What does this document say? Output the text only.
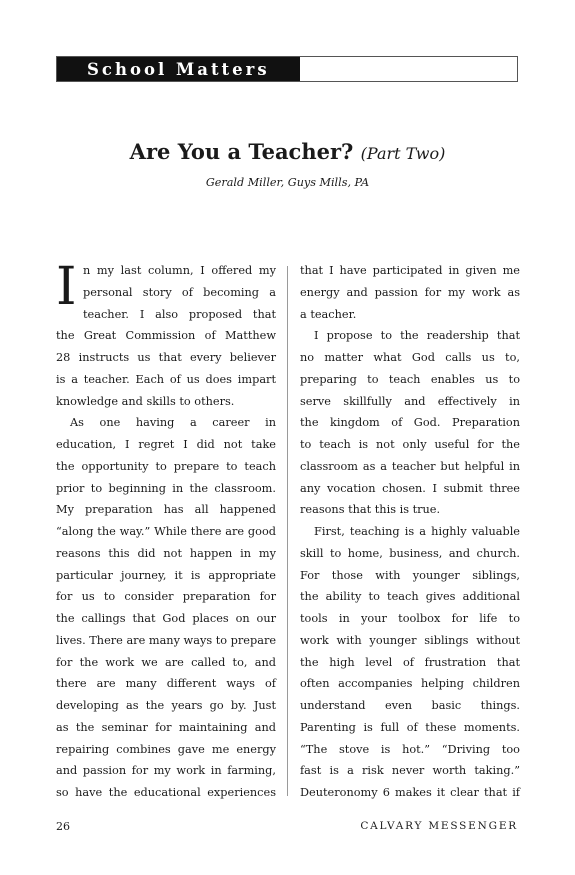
School Matters
Are You a Teacher? (Part Two)
Gerald Miller, Guys Mills, PA
I n my last column, I offered my
personal story of becoming a
teacher. I also proposed that
the Great Commission of Matthew
28 instructs us that every believer
is a teacher. Each of us does impart
knowledge and skills to others.
As one having a career in
education, I regret I did not take
the opportunity to prepare to teach
prior to beginning in the classroom.
My preparation has all happened
“along the way.” While there are good
reasons this did not happen in my
particular journey, it is appropriate
for us to consider preparation for
the callings that God places on our
lives. There are many ways to prepare
for the work we are called to, and
there are many different ways of
developing as the years go by. Just
as the seminar for maintaining and
repairing combines gave me energy
and passion for my work in farming,
so have the educational experiences
that I have participated in given me
energy and passion for my work as
a teacher.
I propose to the readership that
no matter what God calls us to,
preparing to teach enables us to
serve skillfully and effectively in
the kingdom of God. Preparation
to teach is not only useful for the
classroom as a teacher but helpful in
any vocation chosen. I submit three
reasons that this is true.
First, teaching is a highly valuable
skill to home, business, and church.
For those with younger siblings,
the ability to teach gives additional
tools in your toolbox for life to
work with younger siblings without
the high level of frustration that
often accompanies helping children
understand even basic things.
Parenting is full of these moments.
“The stove is hot.” “Driving too
fast is a risk never worth taking.”
Deuteronomy 6 makes it clear that if
26	CALVARY MESSENGER
